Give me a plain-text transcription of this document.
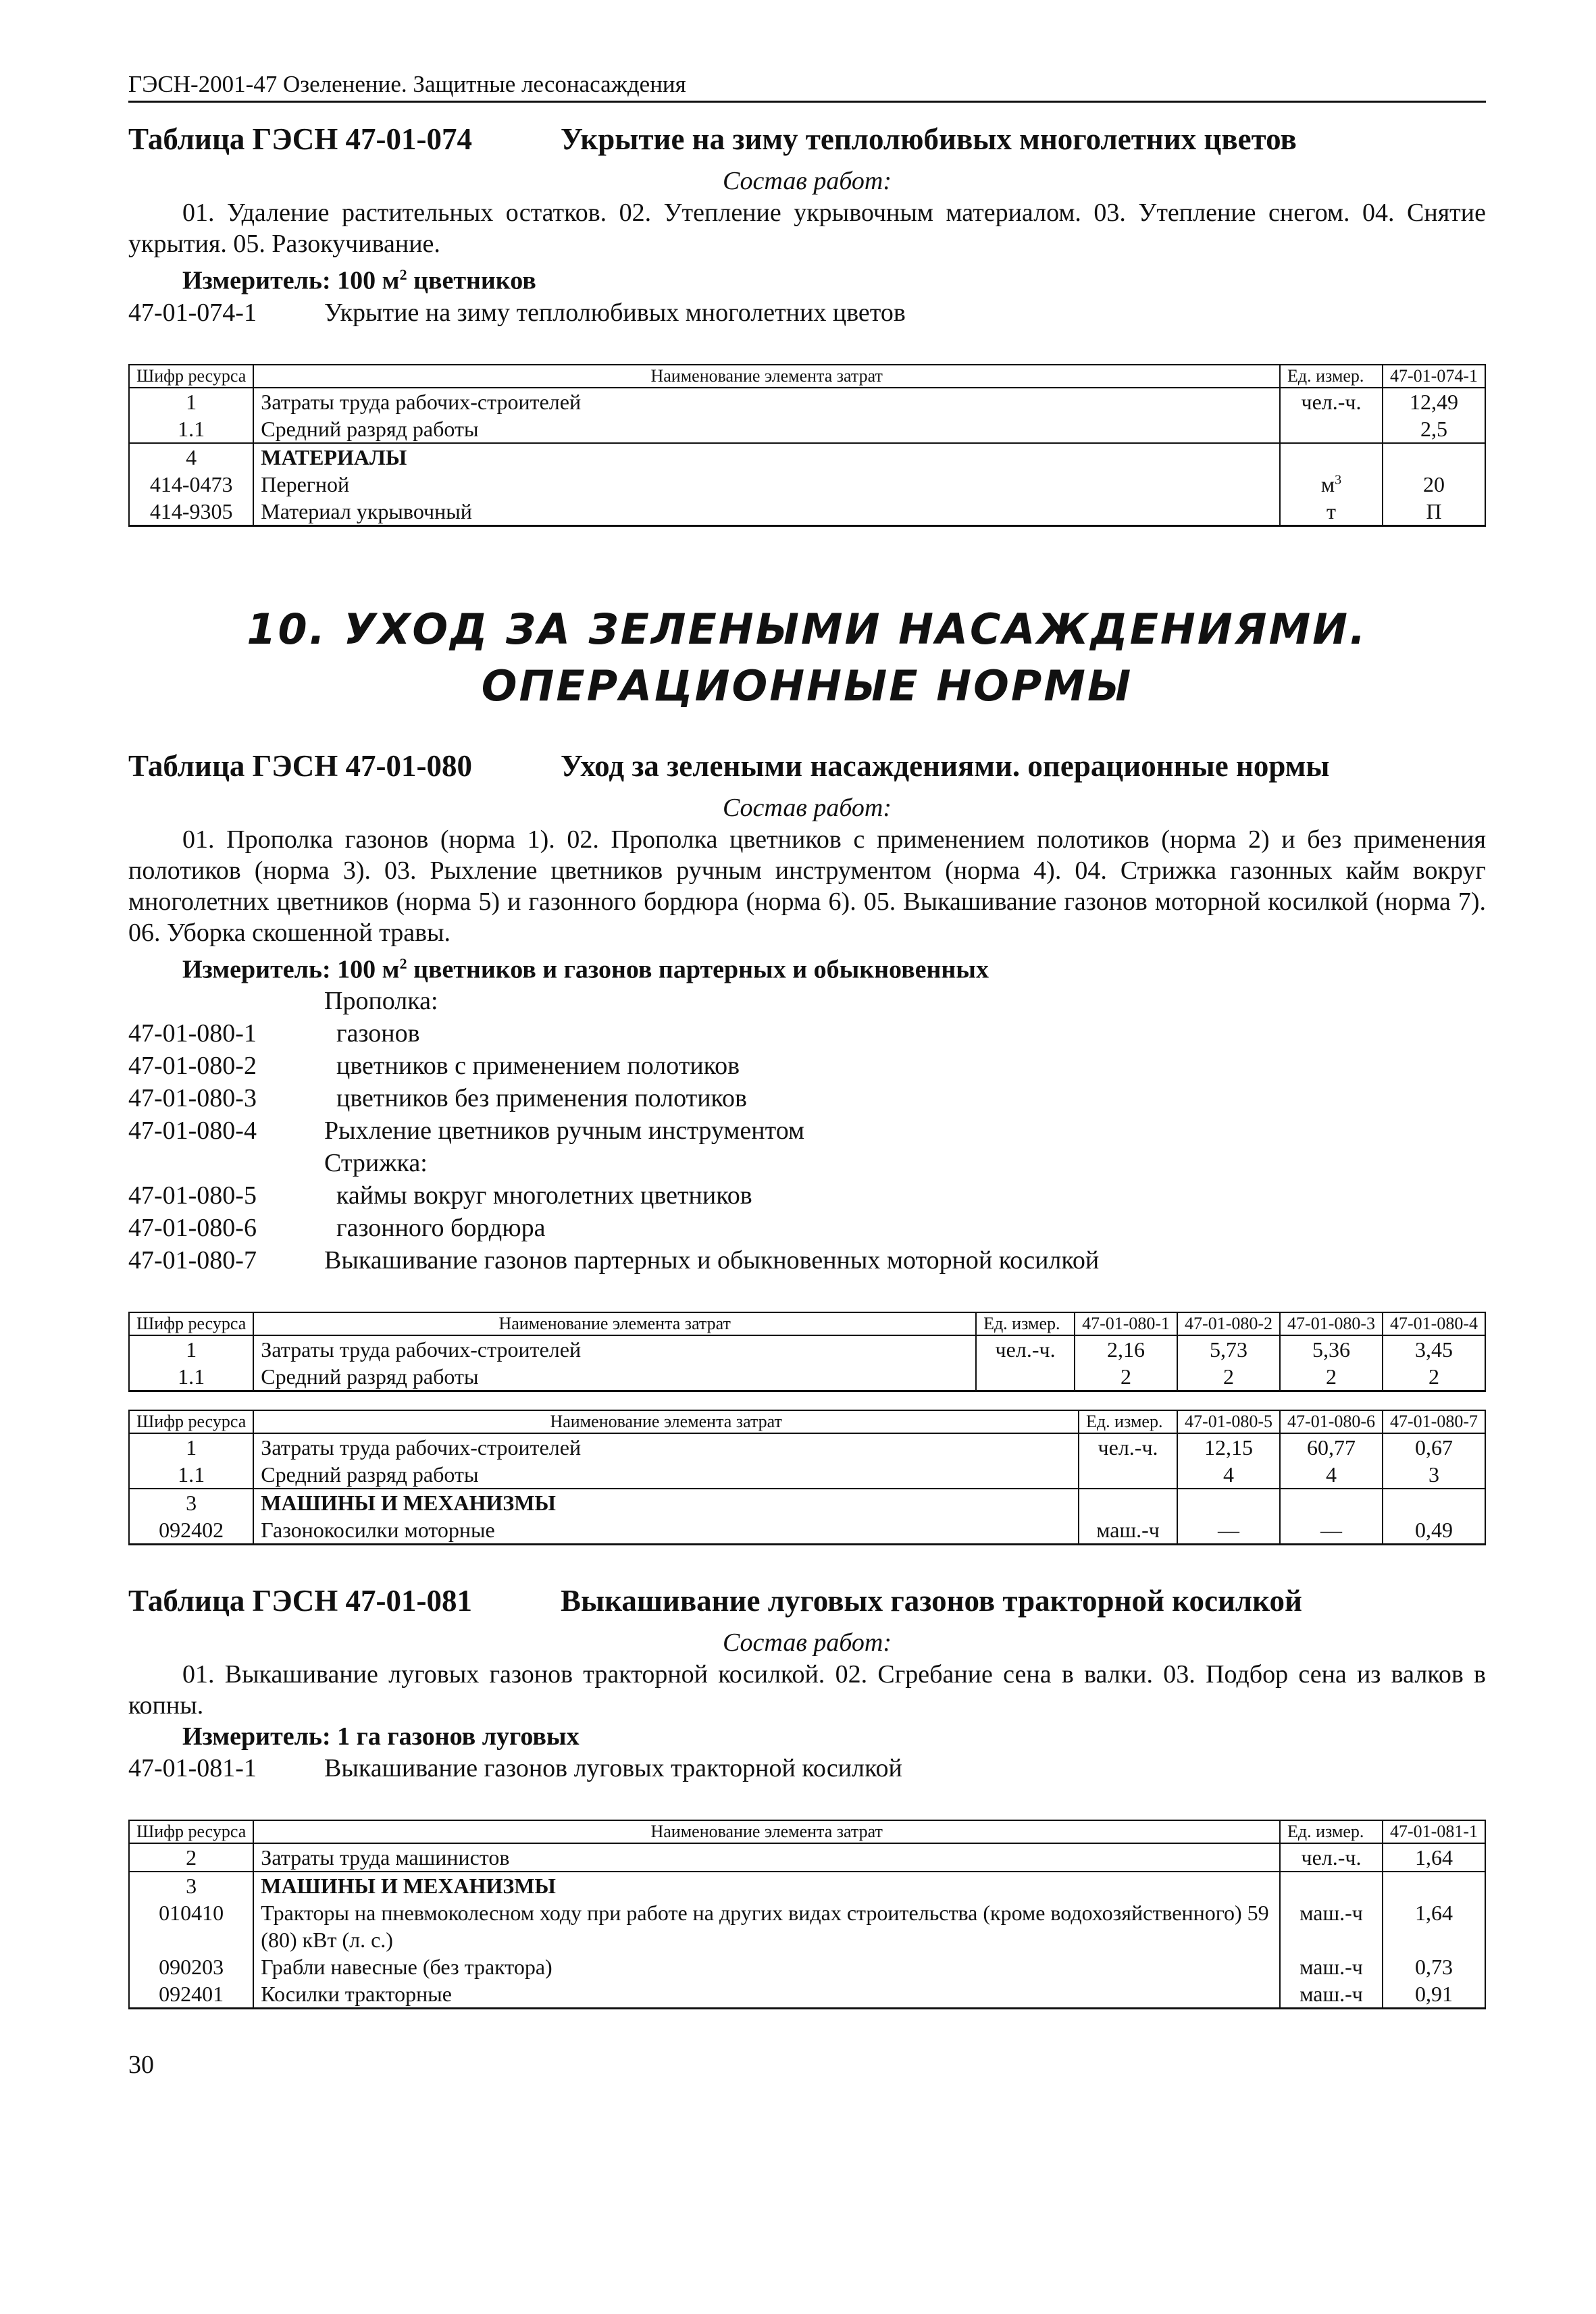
ГЭСН-2001-47 Озеленение. Защитные лесонасаждения
Таблица ГЭСН 47-01-074	Укрытие на зиму теплолюбивых многолетних цветов
Состав работ:

01. Удаление растительных остатков. 02. Утепление укрывочным материалом. 03. Утепление снегом. 04. Снятие укрытия. 05. Разокучивание.

Измеритель: 100 $м^2$ цветников
47-01-074-1	Укрытие на зиму теплолюбивых многолетних цветов
Шифр ресурса	Наименование элемента затрат	Ед. измер.	47-01-074-1
1	Затраты труда рабочих-строителей	чел.-ч.	12,49
1.1	Средний разряд работы		2,5
4	МАТЕРИАЛЫ		
414-0473	Перегной	$м^3$	20
414-9305	Материал укрывочный	т	П
10. УХОД ЗА ЗЕЛЕНЫМИ НАСАЖДЕНИЯМИ.
ОПЕРАЦИОННЫЕ НОРМЫ
Таблица ГЭСН 47-01-080	Уход за зелеными насаждениями. операционные нормы
Состав работ:

01. Прополка газонов (норма 1). 02. Прополка цветников с применением полотиков (норма 2) и без применения полотиков (норма 3). 03. Рыхление цветников ручным инструментом (норма 4). 04. Стрижка газонных кайм вокруг многолетних цветников (норма 5) и газонного бордюра (норма 6). 05. Выкашивание газонов моторной косилкой (норма 7). 06. Уборка скошенной травы.

Измеритель: 100 $м^2$ цветников и газонов партерных и обыкновенных
Прополка:
47-01-080-1	газонов
47-01-080-2	цветников с применением полотиков
47-01-080-3	цветников без применения полотиков
47-01-080-4	Рыхление цветников ручным инструментом
Стрижка:
47-01-080-5	каймы вокруг многолетних цветников
47-01-080-6	газонного бордюра
47-01-080-7	Выкашивание газонов партерных и обыкновенных моторной косилкой
Шифр ресурса	Наименование элемента затрат	Ед. измер.	47-01-080-1	47-01-080-2	47-01-080-3	47-01-080-4
1	Затраты труда рабочих-строителей	чел.-ч.	2,16	5,73	5,36	3,45
1.1	Средний разряд работы		2	2	2	2
Шифр ресурса	Наименование элемента затрат	Ед. измер.	47-01-080-5	47-01-080-6	47-01-080-7
1	Затраты труда рабочих-строителей	чел.-ч.	12,15	60,77	0,67
1.1	Средний разряд работы		4	4	3
3	МАШИНЫ И МЕХАНИЗМЫ				
092402	Газонокосилки моторные	маш.-ч	—	—	0,49
Таблица ГЭСН 47-01-081	Выкашивание луговых газонов тракторной косилкой
Состав работ:

01. Выкашивание луговых газонов тракторной косилкой. 02. Сгребание сена в валки. 03. Подбор сена из валков в копны.

Измеритель: 1 га газонов луговых
47-01-081-1	Выкашивание газонов луговых тракторной косилкой
Шифр ресурса	Наименование элемента затрат	Ед. измер.	47-01-081-1
2	Затраты труда машинистов	чел.-ч.	1,64
3	МАШИНЫ И МЕХАНИЗМЫ		
010410	Тракторы на пневмоколесном ходу при работе на других видах строительства (кроме водохозяйственного) 59 (80) кВт (л. с.)	маш.-ч	1,64
090203	Грабли навесные (без трактора)	маш.-ч	0,73
092401	Косилки тракторные	маш.-ч	0,91
30
